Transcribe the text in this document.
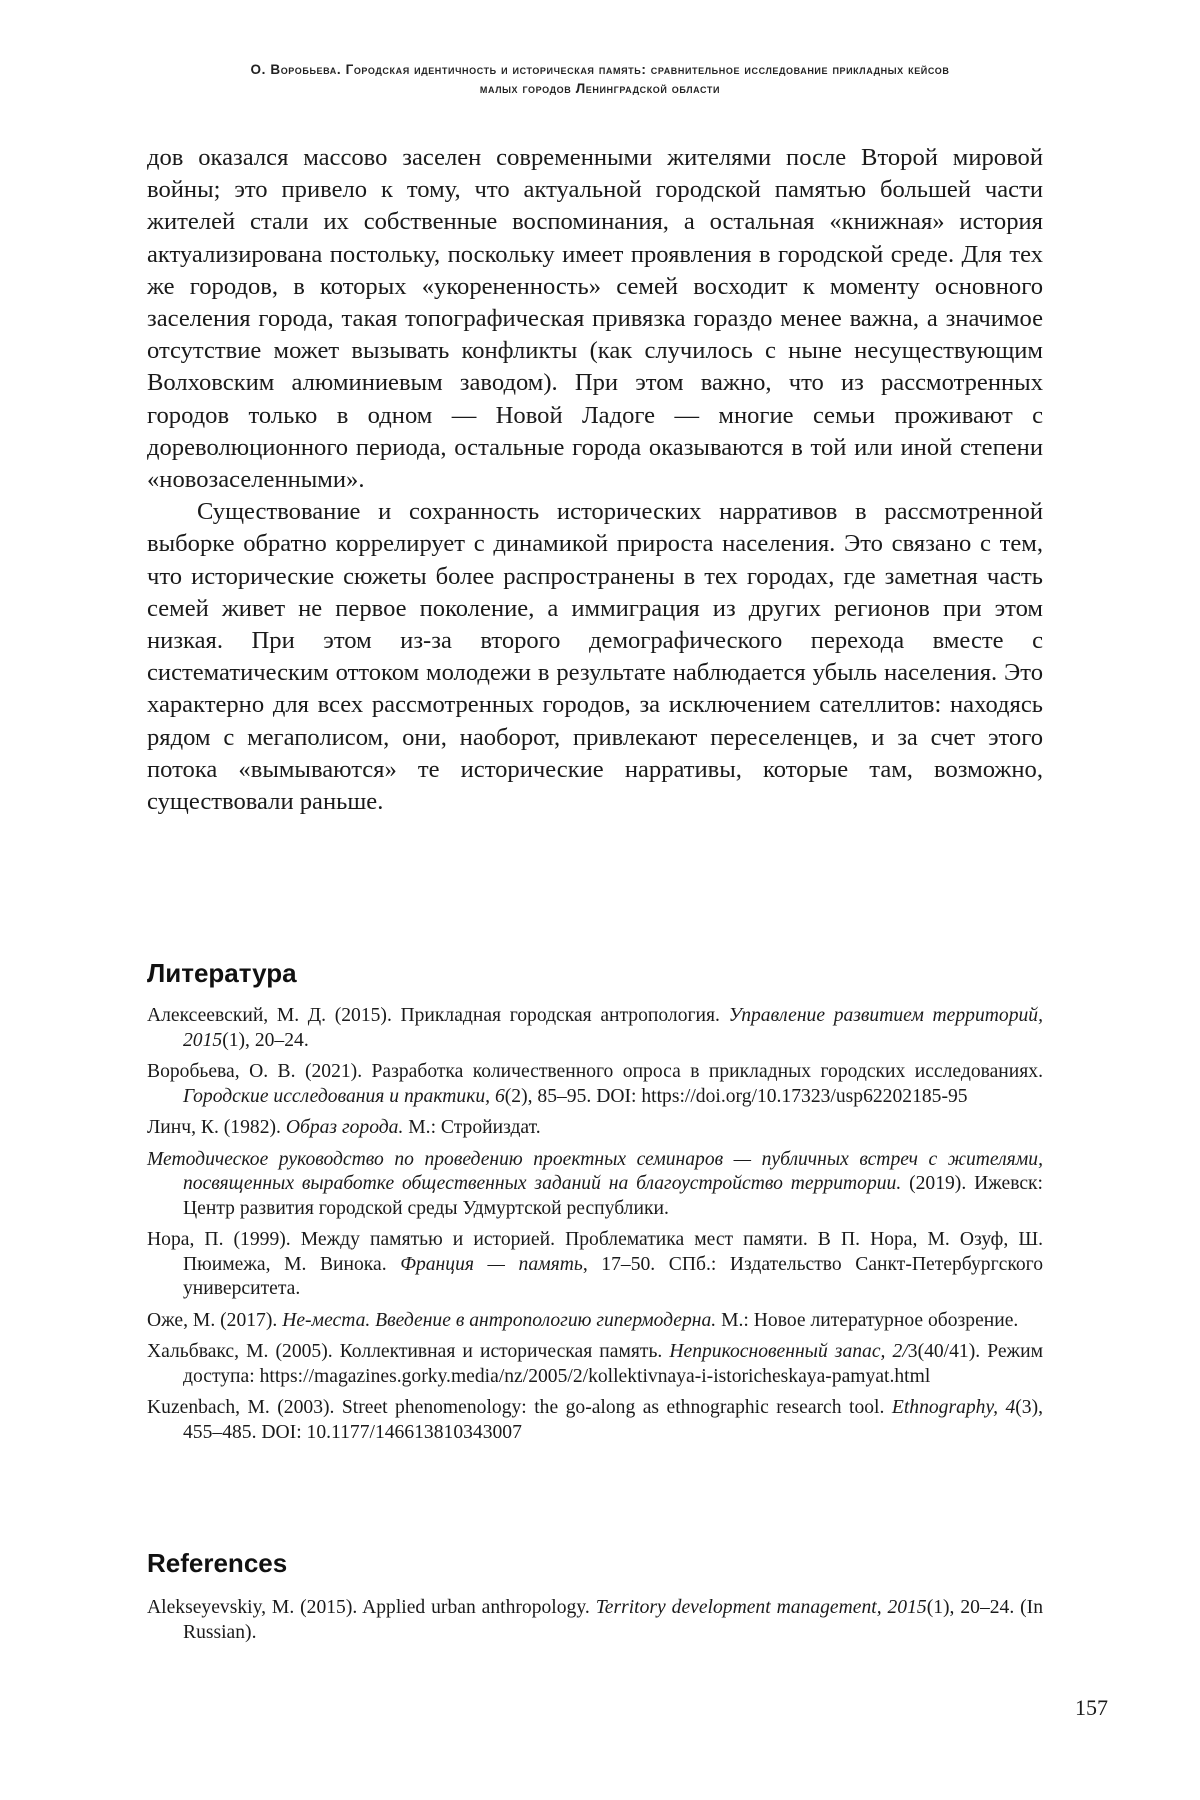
О. Воробьева. Городская идентичность и историческая память: сравнительное исследование прикладных кейсов
малых городов Ленинградской области

дов оказался массово заселен современными жителями после Второй мировой войны; это привело к тому, что актуальной городской памятью большей части жителей стали их собственные воспоминания, а остальная «книжная» история актуализирована постольку, поскольку имеет проявления в городской среде. Для тех же городов, в которых «укорененность» семей восходит к моменту основного заселения города, такая топографическая привязка гораздо менее важна, а значимое отсутствие может вызывать конфликты (как случилось с ныне несуществующим Волховским алюминиевым заводом). При этом важно, что из рассмотренных городов только в одном — Новой Ладоге — многие семьи проживают с дореволюционного периода, остальные города оказываются в той или иной степени «новозаселенными».

Существование и сохранность исторических нарративов в рассмотренной выборке обратно коррелирует с динамикой прироста населения. Это связано с тем, что исторические сюжеты более распространены в тех городах, где заметная часть семей живет не первое поколение, а иммиграция из других регионов при этом низкая. При этом из-за второго демографического перехода вместе с систематическим оттоком молодежи в результате наблюдается убыль населения. Это характерно для всех рассмотренных городов, за исключением сателлитов: находясь рядом с мегаполисом, они, наоборот, привлекают переселенцев, и за счет этого потока «вымываются» те исторические нарративы, которые там, возможно, существовали раньше.

Литература
Алексеевский, М. Д. (2015). Прикладная городская антропология. Управление развитием территорий, 2015(1), 20–24.
Воробьева, О. В. (2021). Разработка количественного опроса в прикладных городских исследованиях. Городские исследования и практики, 6(2), 85–95. DOI: https://doi.org/10.17323/usp62202185-95
Линч, К. (1982). Образ города. М.: Стройиздат.
Методическое руководство по проведению проектных семинаров — публичных встреч с жителями, посвященных выработке общественных заданий на благоустройство территории. (2019). Ижевск: Центр развития городской среды Удмуртской республики.
Нора, П. (1999). Между памятью и историей. Проблематика мест памяти. В П. Нора, М. Озуф, Ш. Пюимежа, М. Винока. Франция — память, 17–50. СПб.: Издательство Санкт-Петербургского университета.
Оже, М. (2017). Не-места. Введение в антропологию гипермодерна. М.: Новое литературное обозрение.
Хальбвакс, М. (2005). Коллективная и историческая память. Неприкосновенный запас, 2/3(40/41). Режим доступа: https://magazines.gorky.media/nz/2005/2/kollektivnaya-i-istoricheskaya-pamyat.html
Kuzenbach, M. (2003). Street phenomenology: the go-along as ethnographic research tool. Ethnography, 4(3), 455–485. DOI: 10.1177/146613810343007
References
Alekseyevskiy, M. (2015). Applied urban anthropology. Territory development management, 2015(1), 20–24. (In Russian).
157
